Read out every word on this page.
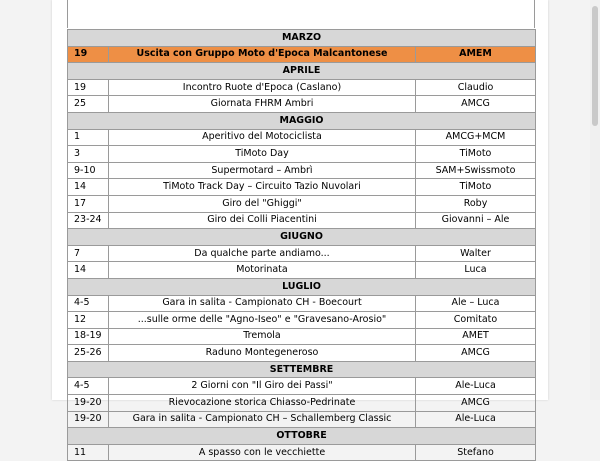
MARZO		
19	Uscita con Gruppo Moto d'Epoca Malcantonese	AMEM
APRILE		
19	Incontro Ruote d'Epoca (Caslano)	Claudio
25	Giornata FHRM Ambri	AMCG
MAGGIO		
1	Aperitivo del Motociclista	AMCG+MCM
3	TiMoto Day	TiMoto
9-10	Supermotard – Ambrì	SAM+Swissmoto
14	TiMoto Track Day – Circuito Tazio Nuvolari	TiMoto
17	Giro del "Ghiggi"	Roby
23-24	Giro dei Colli Piacentini	Giovanni – Ale
GIUGNO		
7	Da qualche parte andiamo...	Walter
14	Motorinata	Luca
LUGLIO		
4-5	Gara in salita - Campionato CH - Boecourt	Ale – Luca
12	...sulle orme delle "Agno-Iseo" e "Gravesano-Arosio"	Comitato
18-19	Tremola	AMET
25-26	Raduno Montegeneroso	AMCG
SETTEMBRE		
4-5	2 Giorni con "Il Giro dei Passi"	Ale-Luca
19-20	Rievocazione storica Chiasso-Pedrinate	AMCG
19-20	Gara in salita - Campionato CH – Schallemberg Classic	Ale-Luca
OTTOBRE		
11	A spasso con le vecchiette	Stefano
